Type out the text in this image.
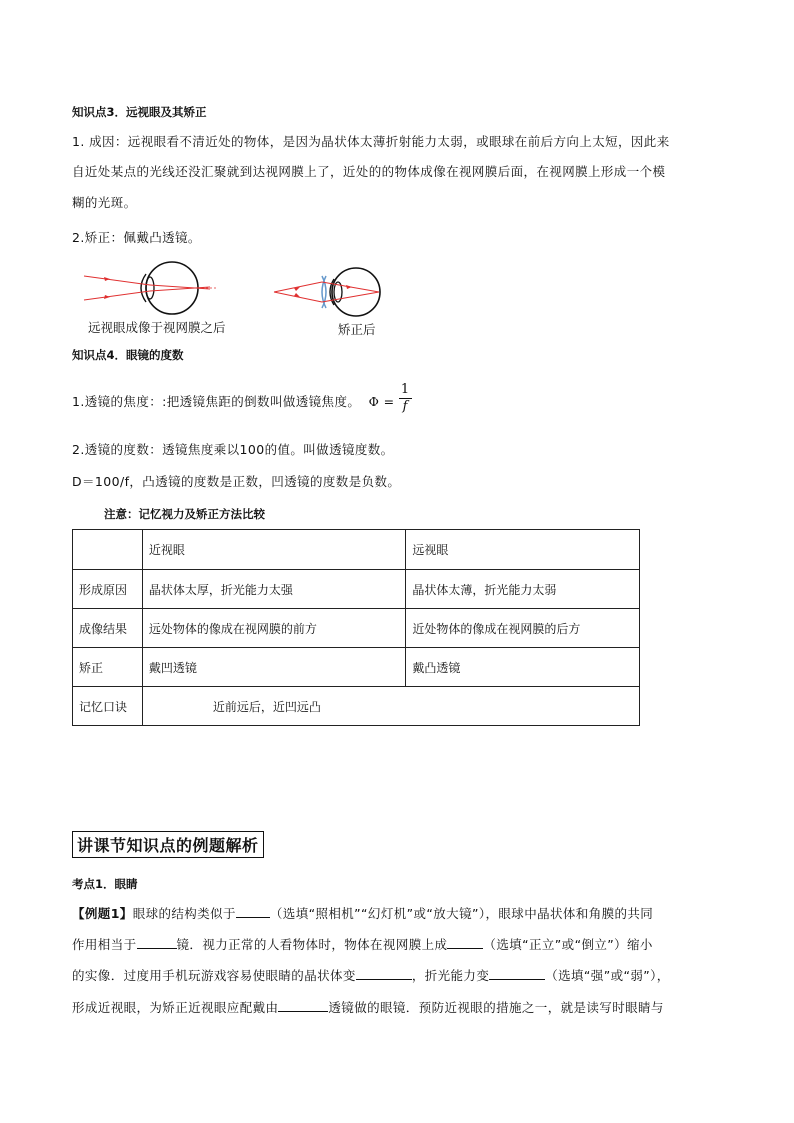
知识点3．远视眼及其矫正
1. 成因：远视眼看不清近处的物体，是因为晶状体太薄折射能力太弱，或眼球在前后方向上太短，因此来
自近处某点的光线还没汇聚就到达视网膜上了，近处的的物体成像在视网膜后面，在视网膜上形成一个模
糊的光斑。
2.矫正：佩戴凸透镜。
远视眼成像于视网膜之后	矫正后
知识点4．眼镜的度数
1.透镜的焦度：:把透镜焦距的倒数叫做透镜焦度。 $\Phi = \frac{1}{f}$
2.透镜的度数：透镜焦度乘以100的值。叫做透镜度数。
D＝100/f，凸透镜的度数是正数，凹透镜的度数是负数。
注意：记忆视力及矫正方法比较
	近视眼	远视眼
形成原因	晶状体太厚，折光能力太强	晶状体太薄，折光能力太弱
成像结果	远处物体的像成在视网膜的前方	近处物体的像成在视网膜的后方
矫正	戴凹透镜	戴凸透镜
记忆口诀	近前远后，近凹远凸	
讲课节知识点的例题解析
考点1．眼睛
【例题1】眼球的结构类似于	（选填“照相机”“幻灯机”或“放大镜”），眼球中晶状体和角膜的共同
作用相当于	镜．视力正常的人看物体时，物体在视网膜上成	（选填“正立”或“倒立”）缩小
的实像．过度用手机玩游戏容易使眼睛的晶状体变	，折光能力变	（选填“强”或“弱”），
形成近视眼，为矫正近视眼应配戴由	透镜做的眼镜．预防近视眼的措施之一，就是读写时眼睛与
